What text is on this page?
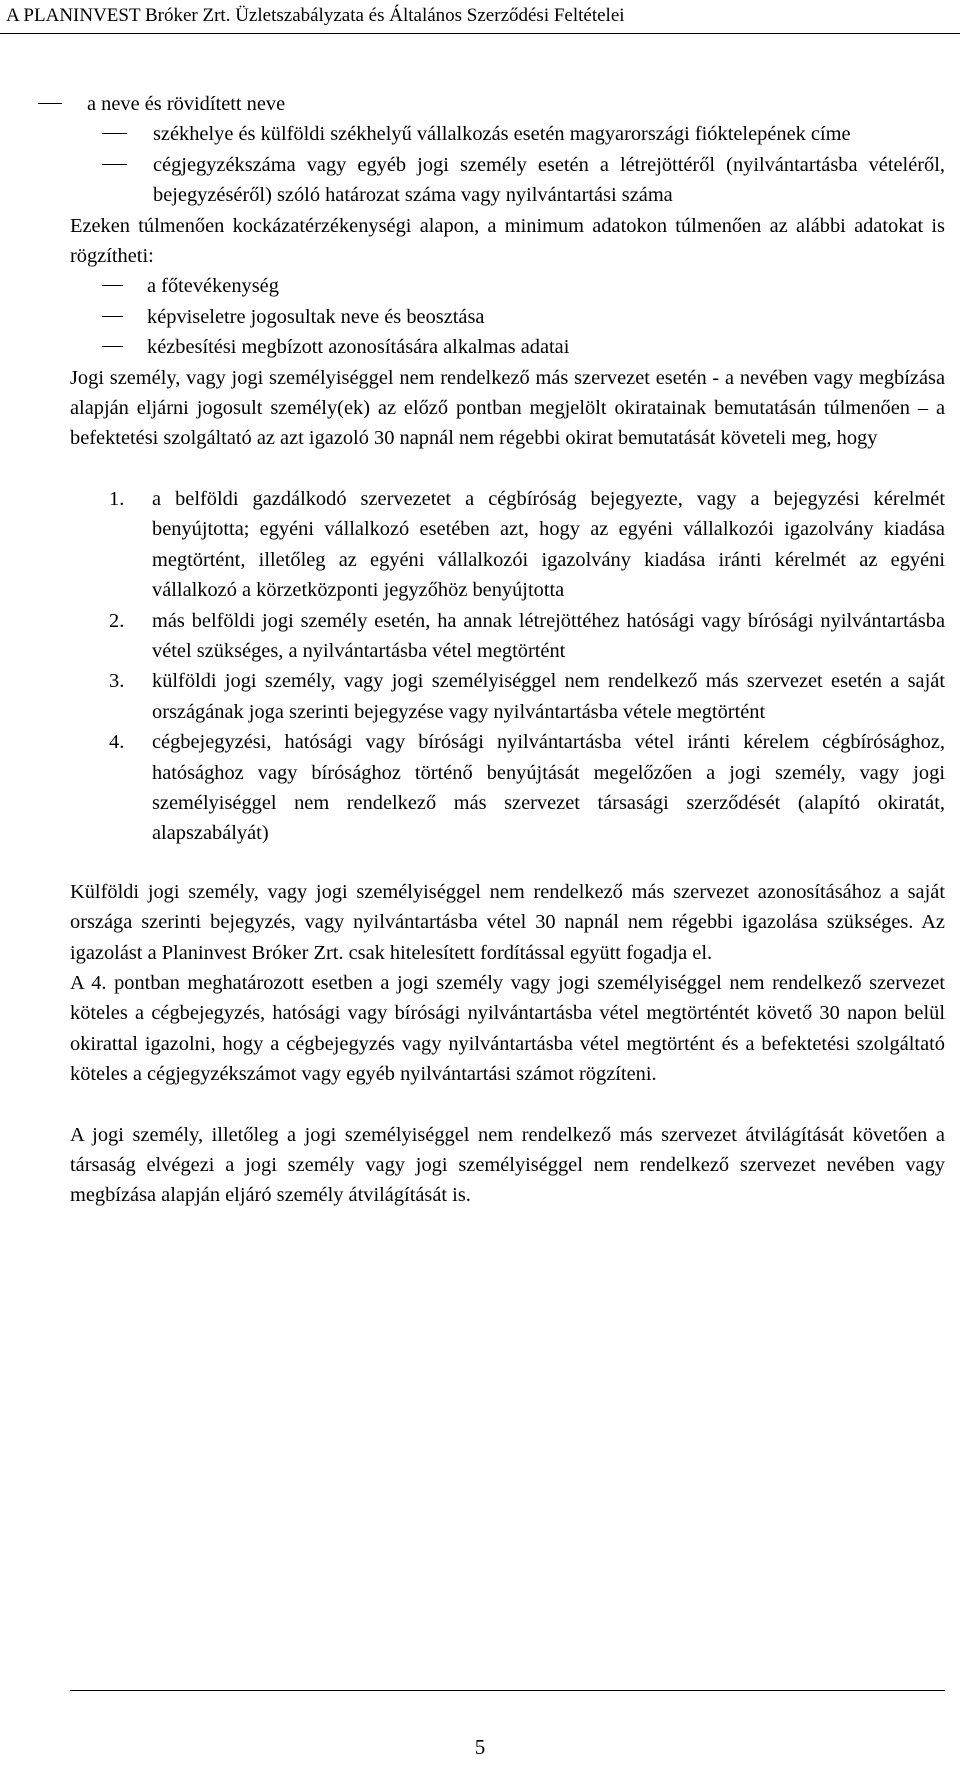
A PLANINVEST Bróker Zrt. Üzletszabályzata és Általános Szerződési Feltételei

a neve és rövidített neve

székhelye és külföldi székhelyű vállalkozás esetén magyarországi fióktelepének címe

cégjegyzékszáma vagy egyéb jogi személy esetén a létrejöttéről (nyilvántartásba vételéről, bejegyzéséről) szóló határozat száma vagy nyilvántartási száma

Ezeken túlmenően kockázatérzékenységi alapon, a minimum adatokon túlmenően az alábbi adatokat is rögzítheti:

a főtevékenység

képviseletre jogosultak neve és beosztása

kézbesítési megbízott azonosítására alkalmas adatai

Jogi személy, vagy jogi személyiséggel nem rendelkező más szervezet esetén - a nevében vagy megbízása alapján eljárni jogosult személy(ek) az előző pontban megjelölt okiratainak bemutatásán túlmenően – a befektetési szolgáltató az azt igazoló 30 napnál nem régebbi okirat bemutatását követeli meg, hogy

1. a belföldi gazdálkodó szervezetet a cégbíróság bejegyezte, vagy a bejegyzési kérelmét benyújtotta; egyéni vállalkozó esetében azt, hogy az egyéni vállalkozói igazolvány kiadása megtörtént, illetőleg az egyéni vállalkozói igazolvány kiadása iránti kérelmét az egyéni vállalkozó a körzetközponti jegyzőhöz benyújtotta

2. más belföldi jogi személy esetén, ha annak létrejöttéhez hatósági vagy bírósági nyilvántartásba vétel szükséges, a nyilvántartásba vétel megtörtént

3. külföldi jogi személy, vagy jogi személyiséggel nem rendelkező más szervezet esetén a saját országának joga szerinti bejegyzése vagy nyilvántartásba vétele megtörtént

4. cégbejegyzési, hatósági vagy bírósági nyilvántartásba vétel iránti kérelem cégbírósághoz, hatósághoz vagy bírósághoz történő benyújtását megelőzően a jogi személy, vagy jogi személyiséggel nem rendelkező más szervezet társasági szerződését (alapító okiratát, alapszabályát)

Külföldi jogi személy, vagy jogi személyiséggel nem rendelkező más szervezet azonosításához a saját országa szerinti bejegyzés, vagy nyilvántartásba vétel 30 napnál nem régebbi igazolása szükséges. Az igazolást a Planinvest Bróker Zrt. csak hitelesített fordítással együtt fogadja el.

A 4. pontban meghatározott esetben a jogi személy vagy jogi személyiséggel nem rendelkező szervezet köteles a cégbejegyzés, hatósági vagy bírósági nyilvántartásba vétel megtörténtét követő 30 napon belül okirattal igazolni, hogy a cégbejegyzés vagy nyilvántartásba vétel megtörtént és a befektetési szolgáltató köteles a cégjegyzékszámot vagy egyéb nyilvántartási számot rögzíteni.

A jogi személy, illetőleg a jogi személyiséggel nem rendelkező más szervezet átvilágítását követően a társaság elvégezi a jogi személy vagy jogi személyiséggel nem rendelkező szervezet nevében vagy megbízása alapján eljáró személy átvilágítását is.

5
